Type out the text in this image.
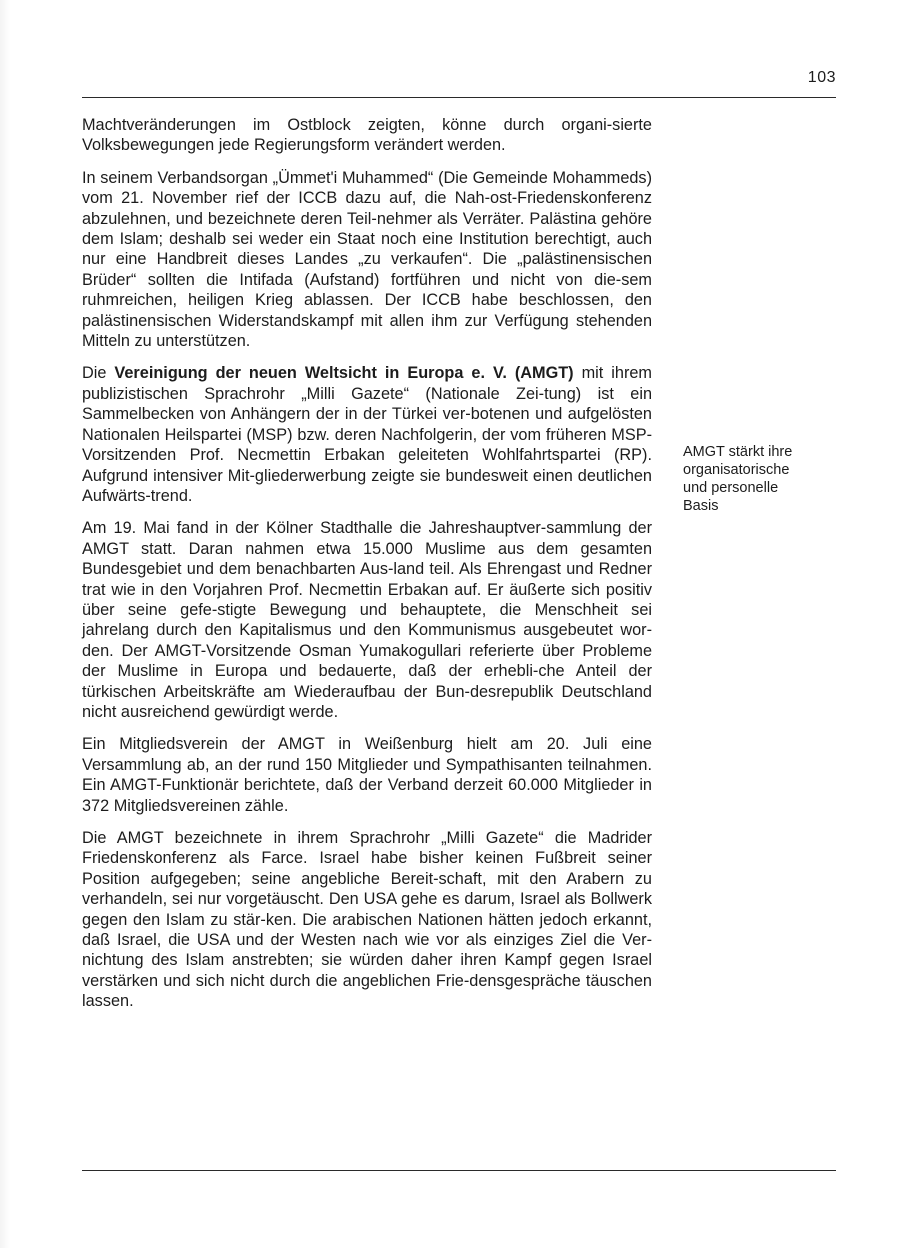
103

Machtveränderungen im Ostblock zeigten, könne durch organi-sierte Volksbewegungen jede Regierungsform verändert werden.

In seinem Verbandsorgan „Ümmet'i Muhammed“ (Die Gemeinde Mohammeds) vom 21. November rief der ICCB dazu auf, die Nah-ost-Friedenskonferenz abzulehnen, und bezeichnete deren Teil-nehmer als Verräter. Palästina gehöre dem Islam; deshalb sei weder ein Staat noch eine Institution berechtigt, auch nur eine Handbreit dieses Landes „zu verkaufen“. Die „palästinensischen Brüder“ sollten die Intifada (Aufstand) fortführen und nicht von die-sem ruhmreichen, heiligen Krieg ablassen. Der ICCB habe beschlossen, den palästinensischen Widerstandskampf mit allen ihm zur Verfügung stehenden Mitteln zu unterstützen.

Die Vereinigung der neuen Weltsicht in Europa e. V. (AMGT) mit ihrem publizistischen Sprachrohr „Milli Gazete“ (Nationale Zei-tung) ist ein Sammelbecken von Anhängern der in der Türkei ver-botenen und aufgelösten Nationalen Heilspartei (MSP) bzw. deren Nachfolgerin, der vom früheren MSP-Vorsitzenden Prof. Necmettin Erbakan geleiteten Wohlfahrtspartei (RP). Aufgrund intensiver Mit-gliederwerbung zeigte sie bundesweit einen deutlichen Aufwärts-trend.

Am 19. Mai fand in der Kölner Stadthalle die Jahreshauptver-sammlung der AMGT statt. Daran nahmen etwa 15.000 Muslime aus dem gesamten Bundesgebiet und dem benachbarten Aus-land teil. Als Ehrengast und Redner trat wie in den Vorjahren Prof. Necmettin Erbakan auf. Er äußerte sich positiv über seine gefe-stigte Bewegung und behauptete, die Menschheit sei jahrelang durch den Kapitalismus und den Kommunismus ausgebeutet wor-den. Der AMGT-Vorsitzende Osman Yumakogullari referierte über Probleme der Muslime in Europa und bedauerte, daß der erhebli-che Anteil der türkischen Arbeitskräfte am Wiederaufbau der Bun-desrepublik Deutschland nicht ausreichend gewürdigt werde.

Ein Mitgliedsverein der AMGT in Weißenburg hielt am 20. Juli eine Versammlung ab, an der rund 150 Mitglieder und Sympathisanten teilnahmen. Ein AMGT-Funktionär berichtete, daß der Verband derzeit 60.000 Mitglieder in 372 Mitgliedsvereinen zähle.

Die AMGT bezeichnete in ihrem Sprachrohr „Milli Gazete“ die Madrider Friedenskonferenz als Farce. Israel habe bisher keinen Fußbreit seiner Position aufgegeben; seine angebliche Bereit-schaft, mit den Arabern zu verhandeln, sei nur vorgetäuscht. Den USA gehe es darum, Israel als Bollwerk gegen den Islam zu stär-ken. Die arabischen Nationen hätten jedoch erkannt, daß Israel, die USA und der Westen nach wie vor als einziges Ziel die Ver-nichtung des Islam anstrebten; sie würden daher ihren Kampf gegen Israel verstärken und sich nicht durch die angeblichen Frie-densgespräche täuschen lassen.

AMGT stärkt ihre
organisatorische
und personelle
Basis
